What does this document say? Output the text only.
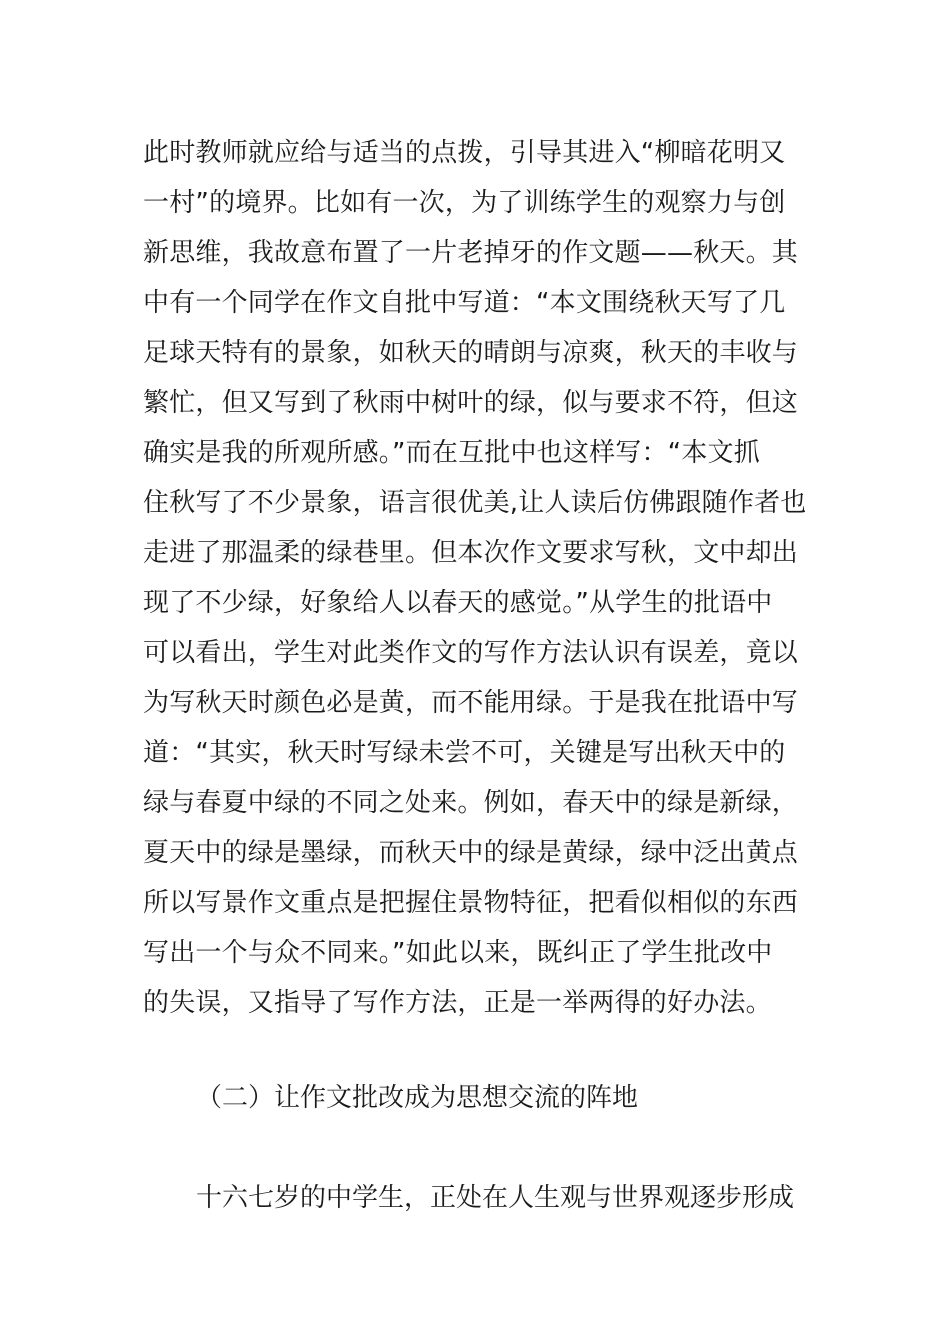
此时教师就应给与适当的点拨，引导其进入“柳暗花明又
一村”的境界。比如有一次，为了训练学生的观察力与创
新思维，我故意布置了一片老掉牙的作文题——秋天。其
中有一个同学在作文自批中写道：“本文围绕秋天写了几
足球天特有的景象，如秋天的晴朗与凉爽，秋天的丰收与
繁忙，但又写到了秋雨中树叶的绿，似与要求不符，但这
确实是我的所观所感。”而在互批中也这样写：“本文抓
住秋写了不少景象，语言很优美,让人读后仿佛跟随作者也
走进了那温柔的绿巷里。但本次作文要求写秋，文中却出
现了不少绿，好象给人以春天的感觉。”从学生的批语中
可以看出，学生对此类作文的写作方法认识有误差，竟以
为写秋天时颜色必是黄，而不能用绿。于是我在批语中写
道：“其实，秋天时写绿未尝不可，关键是写出秋天中的
绿与春夏中绿的不同之处来。例如，春天中的绿是新绿，
夏天中的绿是墨绿，而秋天中的绿是黄绿，绿中泛出黄点
所以写景作文重点是把握住景物特征，把看似相似的东西
写出一个与众不同来。”如此以来，既纠正了学生批改中
的失误，又指导了写作方法，正是一举两得的好办法。
（二）让作文批改成为思想交流的阵地
十六七岁的中学生，正处在人生观与世界观逐步形成
